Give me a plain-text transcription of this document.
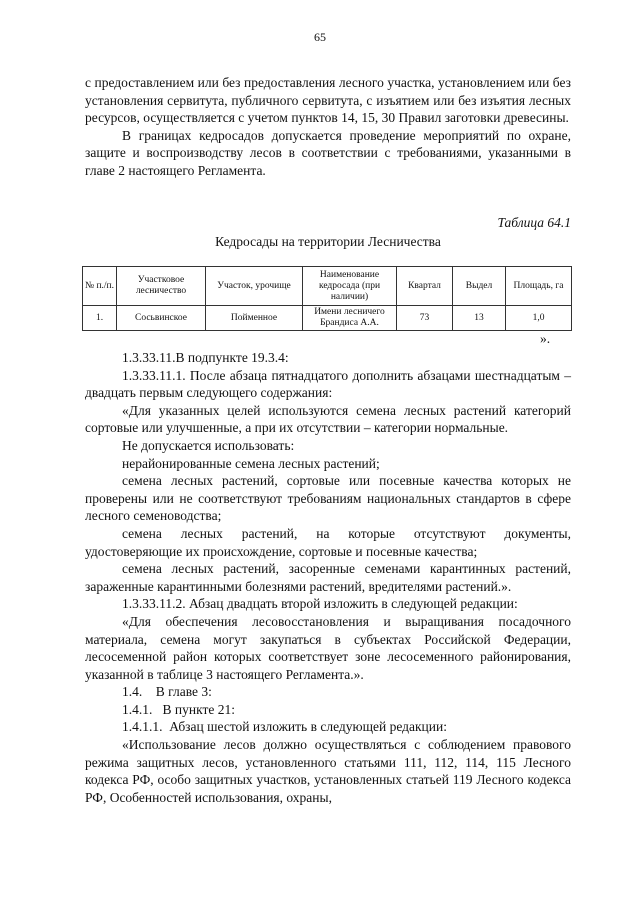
65

с предоставлением или без предоставления лесного участка, установлением или без установления сервитута, публичного сервитута, с изъятием или без изъятия лесных ресурсов, осуществляется с учетом пунктов 14, 15, 30 Правил заготовки древесины.

В границах кедросадов допускается проведение мероприятий по охране, защите и воспроизводству лесов в соответствии с требованиями, указанными в главе 2 настоящего Регламента.

Таблица 64.1
Кедросады на территории Лесничества
№ п./п.	Участковое лесничество	Участок, урочище	Наименование кедросада (при наличии)	Квартал	Выдел	Площадь, га
1.	Сосьвинское	Пойменное	Имени лесничего Брандиса А.А.	73	13	1,0
».

1.3.33.11.В подпункте 19.3.4:

1.3.33.11.1. После абзаца пятнадцатого дополнить абзацами шестнадцатым – двадцать первым следующего содержания:

«Для указанных целей используются семена лесных растений категорий сортовые или улучшенные, а при их отсутствии – категории нормальные.

Не допускается использовать:

нерайонированные семена лесных растений;

семена лесных растений, сортовые или посевные качества которых не проверены или не соответствуют требованиям национальных стандартов в сфере лесного семеноводства;

семена лесных растений, на которые отсутствуют документы, удостоверяющие их происхождение, сортовые и посевные качества;

семена лесных растений, засоренные семенами карантинных растений, зараженные карантинными болезнями растений, вредителями растений.».

1.3.33.11.2. Абзац двадцать второй изложить в следующей редакции:

«Для обеспечения лесовосстановления и выращивания посадочного материала, семена могут закупаться в субъектах Российской Федерации, лесосеменной район которых соответствует зоне лесосеменного районирования, указанной в таблице 3 настоящего Регламента.».

1.4.    В главе 3:

1.4.1.   В пункте 21:

1.4.1.1.  Абзац шестой изложить в следующей редакции:

«Использование лесов должно осуществляться с соблюдением правового режима защитных лесов, установленного статьями 111, 112, 114, 115 Лесного кодекса РФ, особо защитных участков, установленных статьей 119 Лесного кодекса РФ, Особенностей использования, охраны,
